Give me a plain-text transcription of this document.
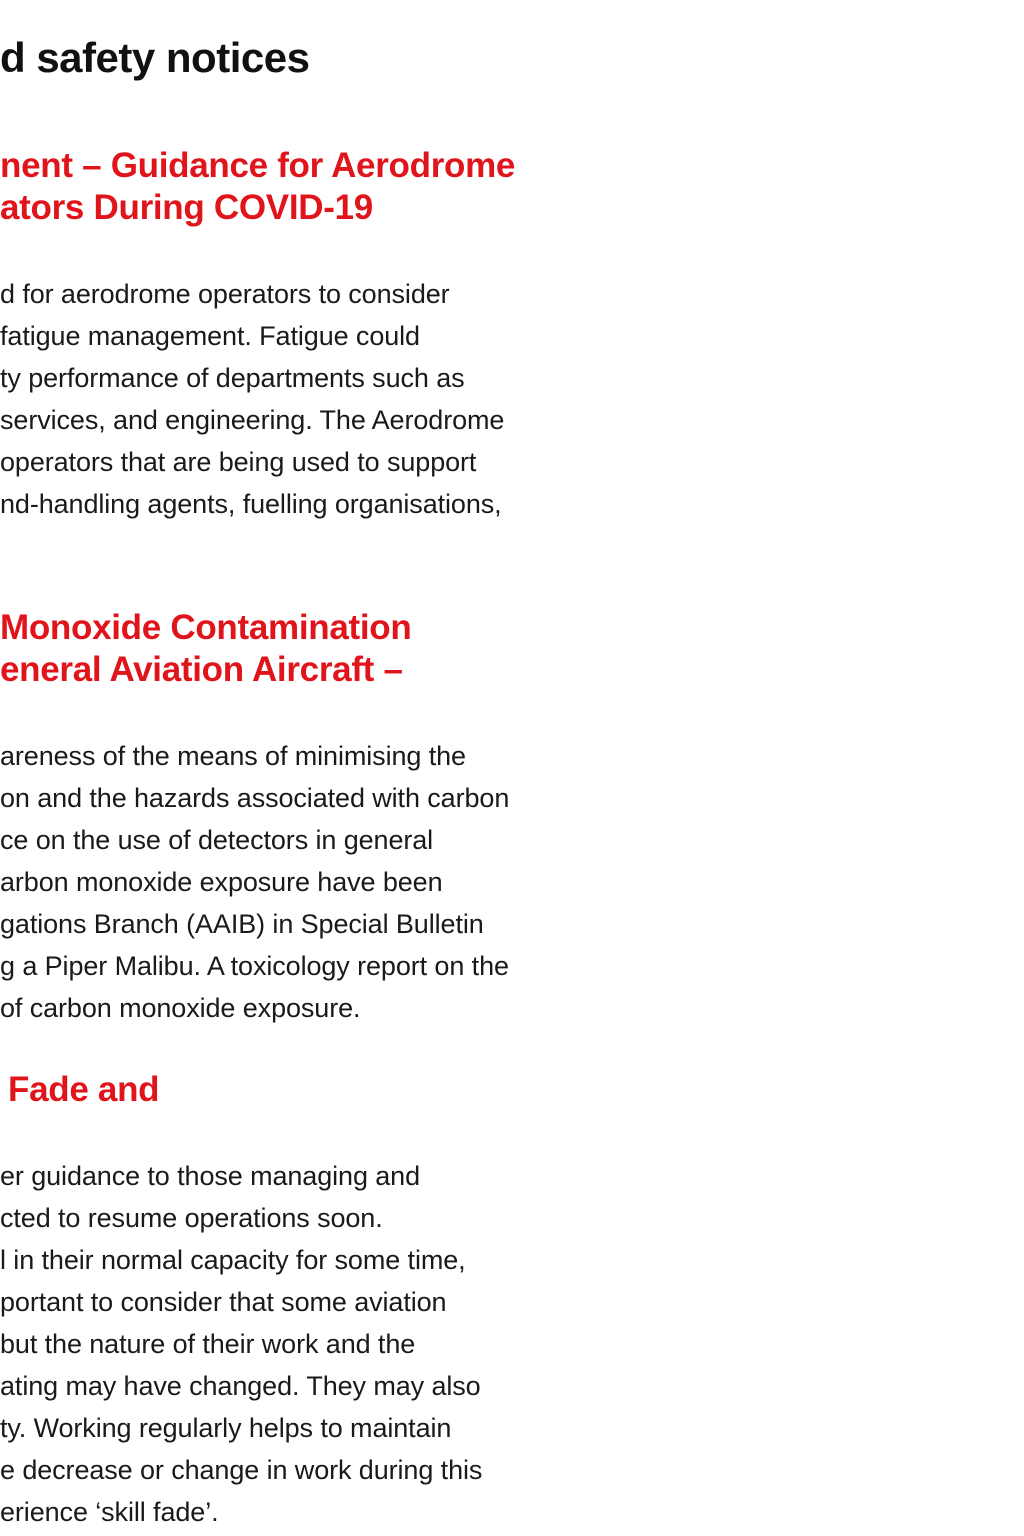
d safety notices
nent – Guidance for Aerodrome
ators During COVID-19

d for aerodrome operators to consider

fatigue management. Fatigue could

ty performance of departments such as

services, and engineering. The Aerodrome

operators that are being used to support

nd-handling agents, fuelling organisations,

Monoxide Contamination
eneral Aviation Aircraft –

areness of the means of minimising the

on and the hazards associated with carbon

ce on the use of detectors in general

arbon monoxide exposure have been

gations Branch (AAIB) in Special Bulletin

g a Piper Malibu. A toxicology report on the

of carbon monoxide exposure.

Fade and

er guidance to those managing and

cted to resume operations soon.

l in their normal capacity for some time,

portant to consider that some aviation

but the nature of their work and the

ating may have changed. They may also

ty. Working regularly helps to maintain

e decrease or change in work during this

erience ‘skill fade’.
